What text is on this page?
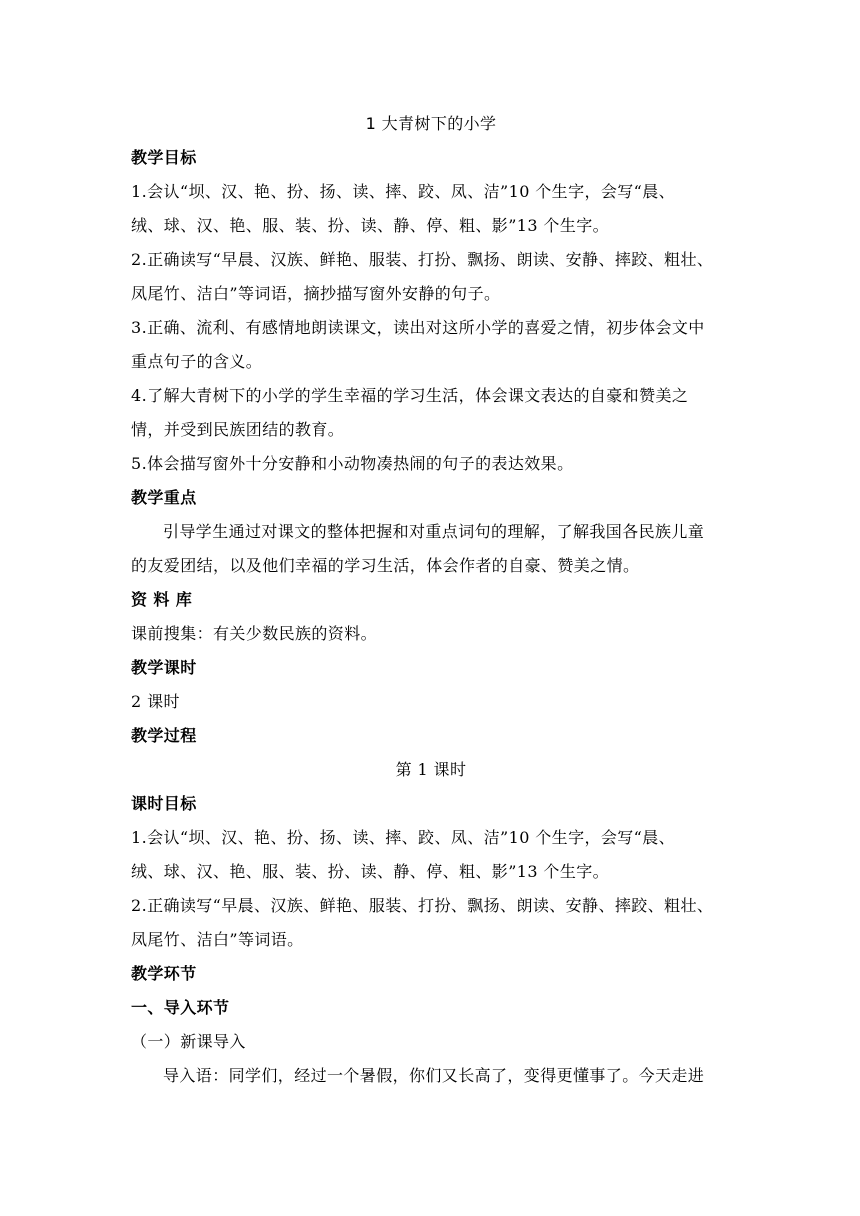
1 大青树下的小学
教学目标
1.会认“坝、汉、艳、扮、扬、读、摔、跤、凤、洁”10 个生字，会写“晨、
绒、球、汉、艳、服、装、扮、读、静、停、粗、影”13 个生字。
2.正确读写“早晨、汉族、鲜艳、服装、打扮、飘扬、朗读、安静、摔跤、粗壮、
凤尾竹、洁白”等词语，摘抄描写窗外安静的句子。
3.正确、流利、有感情地朗读课文，读出对这所小学的喜爱之情，初步体会文中
重点句子的含义。
4.了解大青树下的小学的学生幸福的学习生活，体会课文表达的自豪和赞美之
情，并受到民族团结的教育。
5.体会描写窗外十分安静和小动物凑热闹的句子的表达效果。
教学重点
引导学生通过对课文的整体把握和对重点词句的理解，了解我国各民族儿童
的友爱团结，以及他们幸福的学习生活，体会作者的自豪、赞美之情。
资 料 库
课前搜集：有关少数民族的资料。
教学课时
2 课时
教学过程
第 1 课时
课时目标
1.会认“坝、汉、艳、扮、扬、读、摔、跤、凤、洁”10 个生字，会写“晨、
绒、球、汉、艳、服、装、扮、读、静、停、粗、影”13 个生字。
2.正确读写“早晨、汉族、鲜艳、服装、打扮、飘扬、朗读、安静、摔跤、粗壮、
凤尾竹、洁白”等词语。
教学环节
一、导入环节
（一）新课导入
导入语：同学们，经过一个暑假，你们又长高了，变得更懂事了。今天走进
